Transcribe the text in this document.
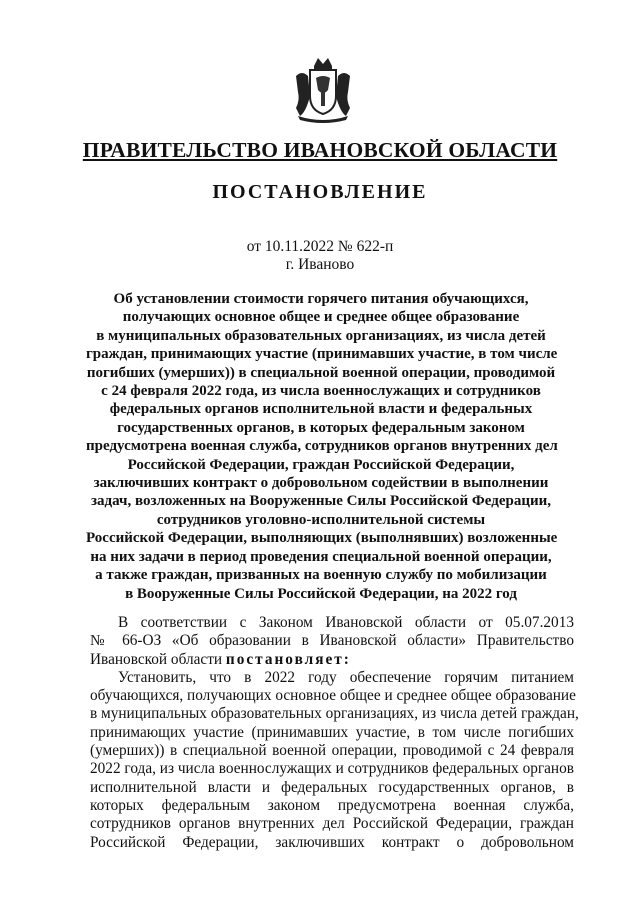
ПРАВИТЕЛЬСТВО ИВАНОВСКОЙ ОБЛАСТИ
ПОСТАНОВЛЕНИЕ
от 10.11.2022 № 622-п
г. Иваново
Об установлении стоимости горячего питания обучающихся,
получающих основное общее и среднее общее образование
в муниципальных образовательных организациях, из числа детей
граждан, принимающих участие (принимавших участие, в том числе
погибших (умерших)) в специальной военной операции, проводимой
с 24 февраля 2022 года, из числа военнослужащих и сотрудников
федеральных органов исполнительной власти и федеральных
государственных органов, в которых федеральным законом
предусмотрена военная служба, сотрудников органов внутренних дел
Российской Федерации, граждан Российской Федерации,
заключивших контракт о добровольном содействии в выполнении
задач, возложенных на Вооруженные Силы Российской Федерации,
сотрудников уголовно-исполнительной системы
Российской Федерации, выполняющих (выполнявших) возложенные
на них задачи в период проведения специальной военной операции,
а также граждан, призванных на военную службу по мобилизации
в Вооруженные Силы Российской Федерации, на 2022 год
В соответствии с Законом Ивановской области от 05.07.2013
№ 66-ОЗ «Об образовании в Ивановской области» Правительство
Ивановской области постановляет:
Установить, что в 2022 году обеспечение горячим питанием
обучающихся, получающих основное общее и среднее общее образование
в муниципальных образовательных организациях, из числа детей граждан,
принимающих участие (принимавших участие, в том числе погибших
(умерших)) в специальной военной операции, проводимой с 24 февраля
2022 года, из числа военнослужащих и сотрудников федеральных органов
исполнительной власти и федеральных государственных органов, в
которых федеральным законом предусмотрена военная служба,
сотрудников органов внутренних дел Российской Федерации, граждан
Российской Федерации, заключивших контракт о добровольном
